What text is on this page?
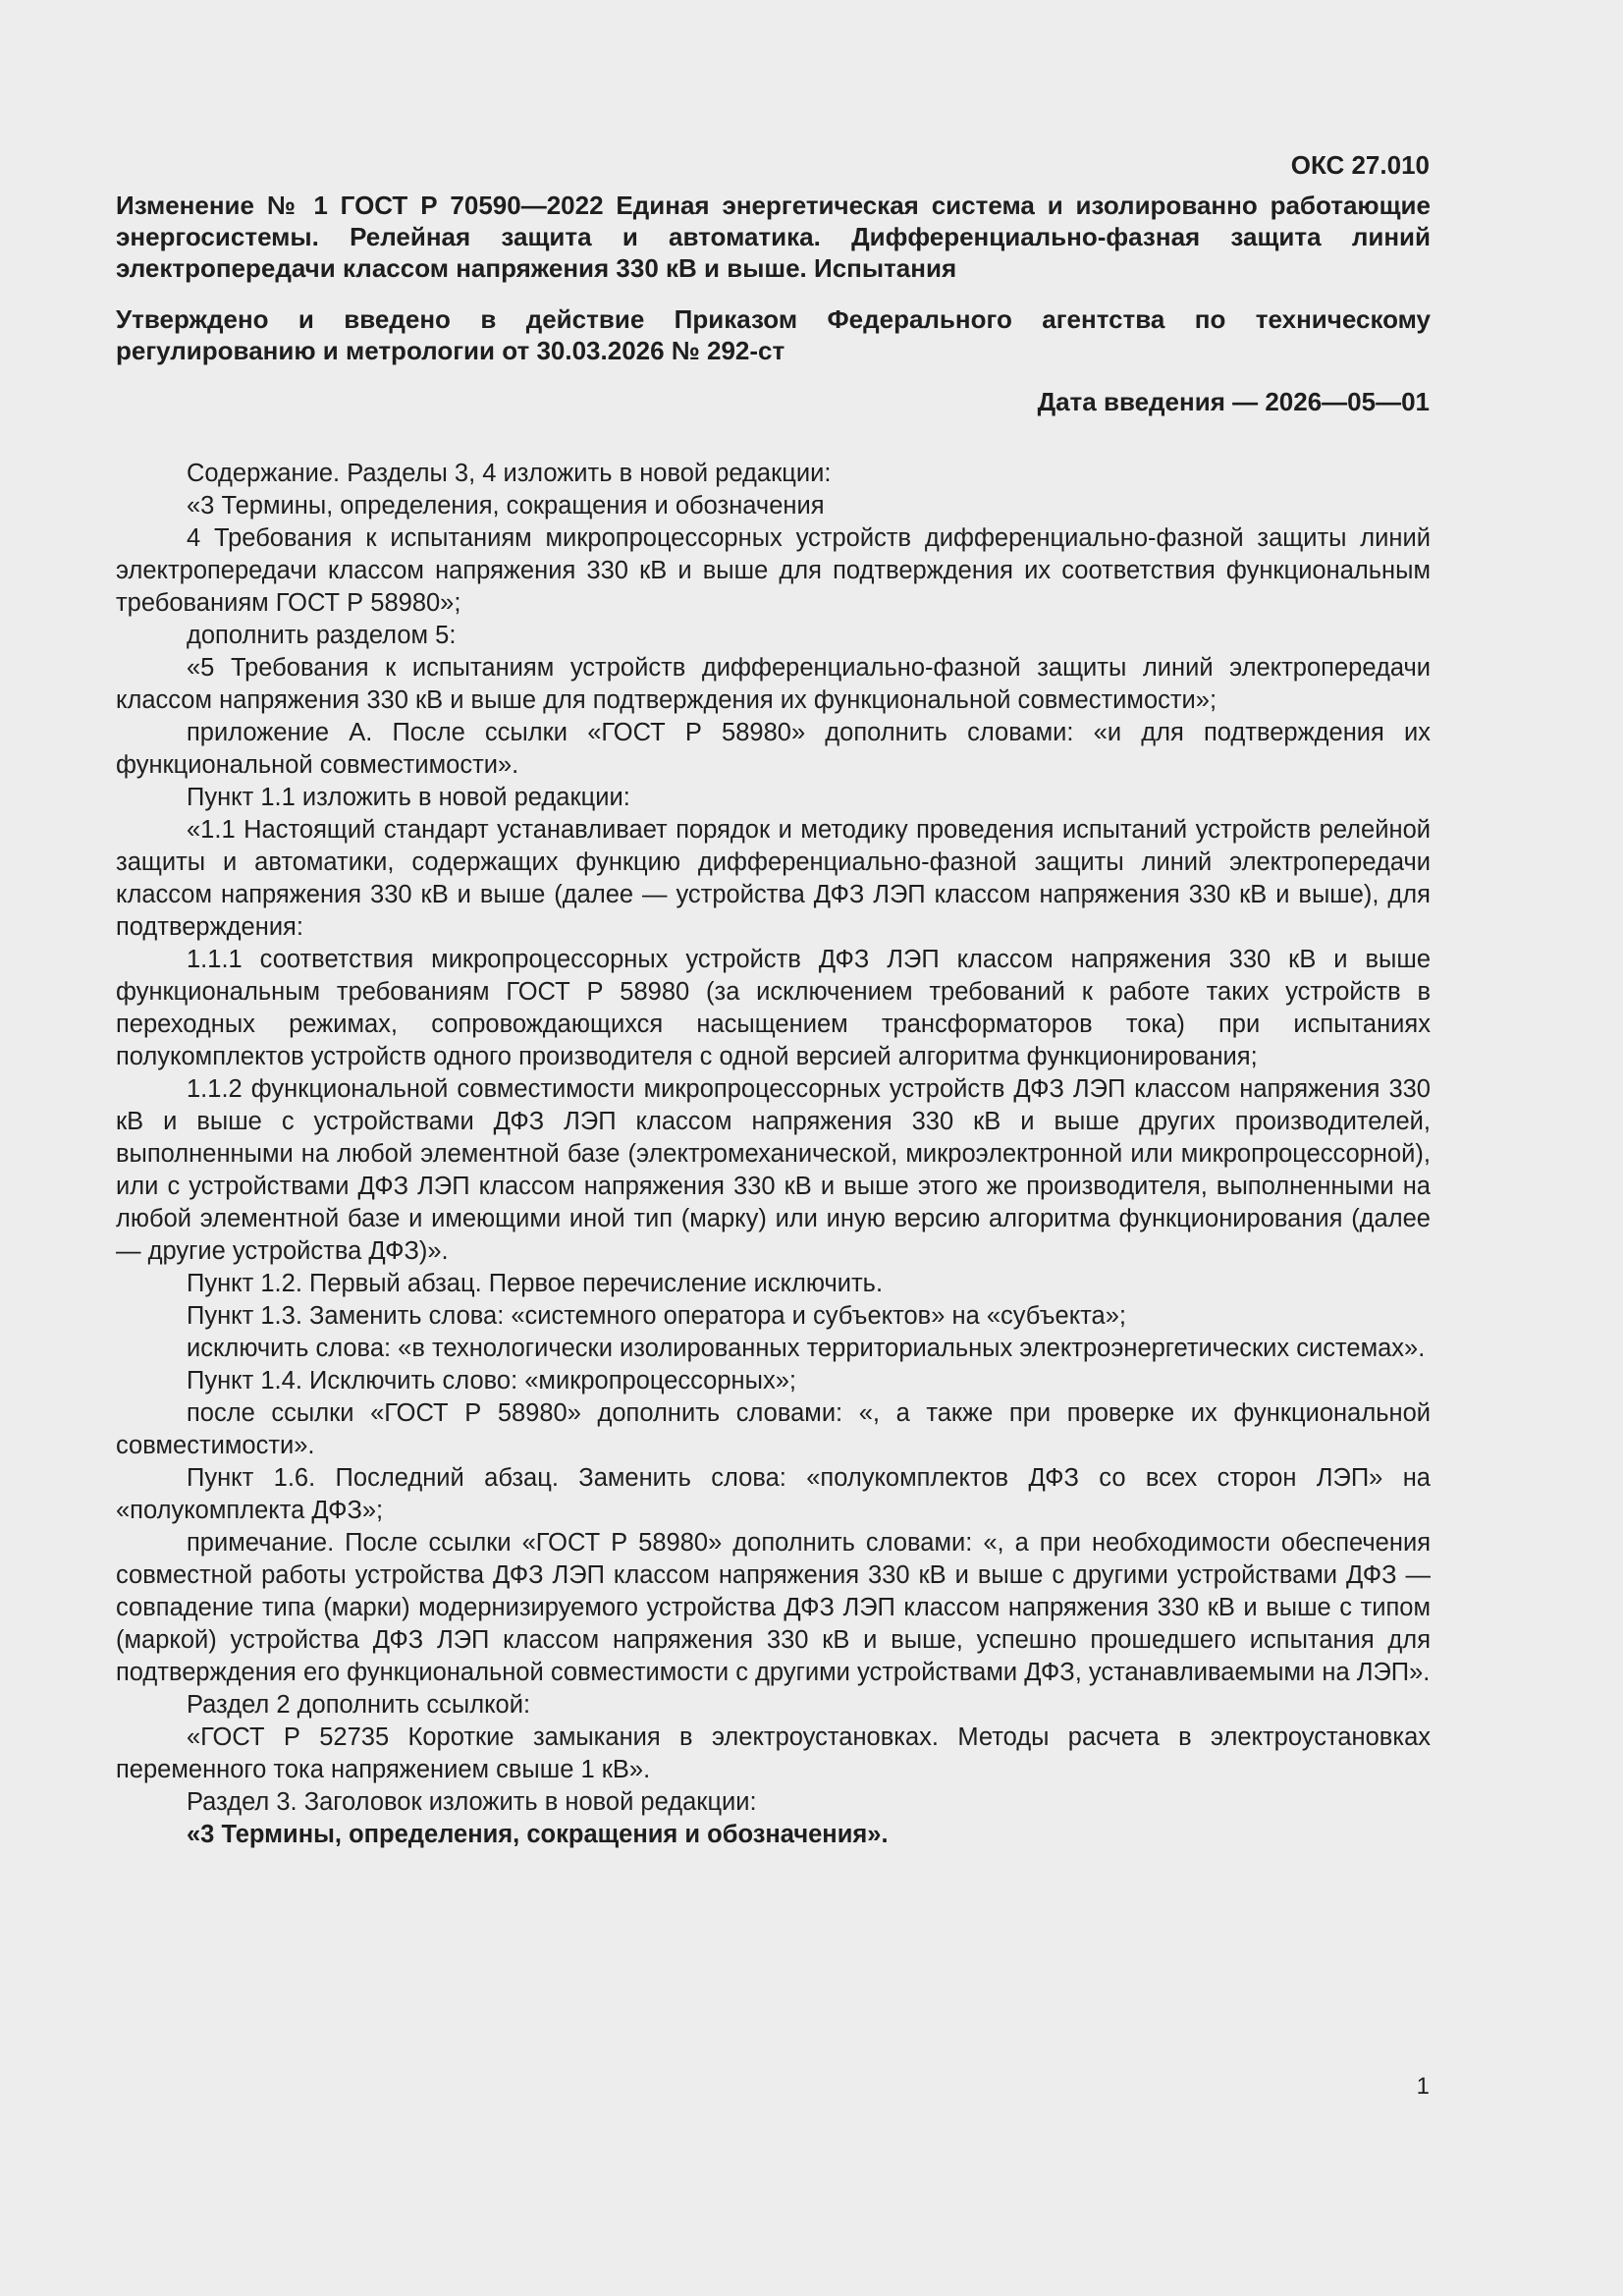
ОКС 27.010
Изменение № 1 ГОСТ Р 70590—2022 Единая энергетическая система и изолированно работающие энергосистемы. Релейная защита и автоматика. Дифференциально-фазная защита линий электропередачи классом напряжения 330 кВ и выше. Испытания
Утверждено и введено в действие Приказом Федерального агентства по техническому регулированию и метрологии от 30.03.2026 № 292-ст
Дата введения — 2026—05—01

Содержание. Разделы 3, 4 изложить в новой редакции:

«3 Термины, определения, сокращения и обозначения

4 Требования к испытаниям микропроцессорных устройств дифференциально-фазной защиты линий электропередачи классом напряжения 330 кВ и выше для подтверждения их соответствия функциональным требованиям ГОСТ Р 58980»;

дополнить разделом 5:

«5 Требования к испытаниям устройств дифференциально-фазной защиты линий электропередачи классом напряжения 330 кВ и выше для подтверждения их функциональной совместимости»;

приложение А. После ссылки «ГОСТ Р 58980» дополнить словами: «и для подтверждения их функциональной совместимости».

Пункт 1.1 изложить в новой редакции:

«1.1 Настоящий стандарт устанавливает порядок и методику проведения испытаний устройств релейной защиты и автоматики, содержащих функцию дифференциально-фазной защиты линий электропередачи классом напряжения 330 кВ и выше (далее — устройства ДФЗ ЛЭП классом напряжения 330 кВ и выше), для подтверждения:

1.1.1 соответствия микропроцессорных устройств ДФЗ ЛЭП классом напряжения 330 кВ и выше функциональным требованиям ГОСТ Р 58980 (за исключением требований к работе таких устройств в переходных режимах, сопровождающихся насыщением трансформаторов тока) при испытаниях полукомплектов устройств одного производителя с одной версией алгоритма функционирования;

1.1.2 функциональной совместимости микропроцессорных устройств ДФЗ ЛЭП классом напряжения 330 кВ и выше с устройствами ДФЗ ЛЭП классом напряжения 330 кВ и выше других производителей, выполненными на любой элементной базе (электромеханической, микроэлектронной или микропроцессорной), или с устройствами ДФЗ ЛЭП классом напряжения 330 кВ и выше этого же производителя, выполненными на любой элементной базе и имеющими иной тип (марку) или иную версию алгоритма функционирования (далее — другие устройства ДФЗ)».

Пункт 1.2. Первый абзац. Первое перечисление исключить.

Пункт 1.3. Заменить слова: «системного оператора и субъектов» на «субъекта»;

исключить слова: «в технологически изолированных территориальных электроэнергетических системах».

Пункт 1.4. Исключить слово: «микропроцессорных»;

после ссылки «ГОСТ Р 58980» дополнить словами: «, а также при проверке их функциональной совместимости».

Пункт 1.6. Последний абзац. Заменить слова: «полукомплектов ДФЗ со всех сторон ЛЭП» на «полукомплекта ДФЗ»;

примечание. После ссылки «ГОСТ Р 58980» дополнить словами: «, а при необходимости обеспечения совместной работы устройства ДФЗ ЛЭП классом напряжения 330 кВ и выше с другими устройствами ДФЗ — совпадение типа (марки) модернизируемого устройства ДФЗ ЛЭП классом напряжения 330 кВ и выше с типом (маркой) устройства ДФЗ ЛЭП классом напряжения 330 кВ и выше, успешно прошедшего испытания для подтверждения его функциональной совместимости с другими устройствами ДФЗ, устанавливаемыми на ЛЭП».

Раздел 2 дополнить ссылкой:

«ГОСТ Р 52735 Короткие замыкания в электроустановках. Методы расчета в электроустановках переменного тока напряжением свыше 1 кВ».

Раздел 3. Заголовок изложить в новой редакции:

«3 Термины, определения, сокращения и обозначения».

1
